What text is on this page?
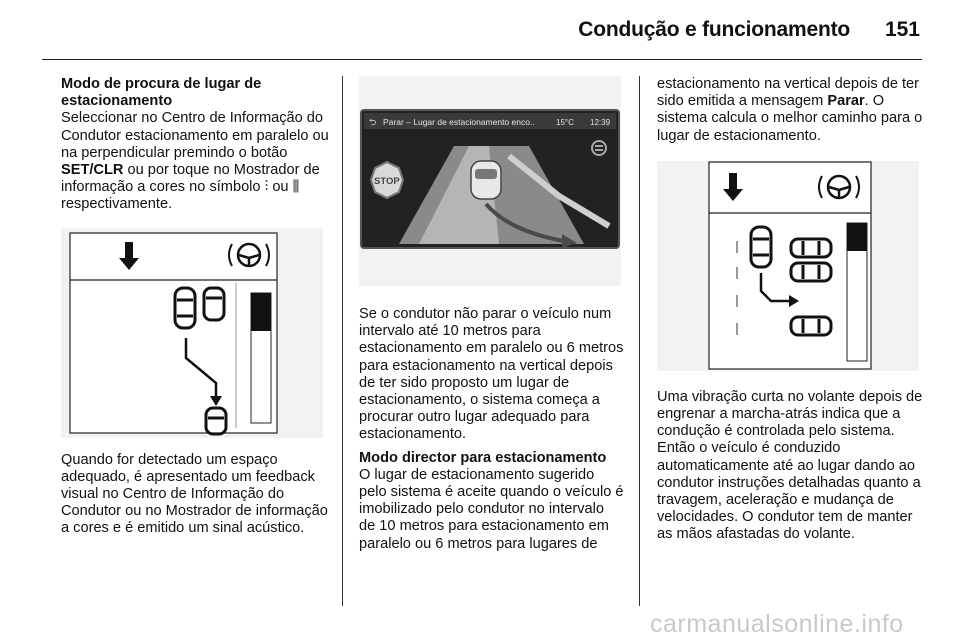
Condução e funcionamento 151

Modo de procura de lugar de estacionamento

Seleccionar no Centro de Informação do Condutor estacionamento em paralelo ou na perpendicular premindo o botão SET/CLR ou por toque no Mostrador de informação a cores no símbolo ⫶ ou ⫼ respectivamente.

Quando for detectado um espaço adequado, é apresentado um feedback visual no Centro de Informação do Condutor ou no Mostrador de informação a cores e é emitido um sinal acústico.

⮌ Parar – Lugar de estacionamento enco..	15°C 12:39
STOP

Se o condutor não parar o veículo num intervalo até 10 metros para estacionamento em paralelo ou 6 metros para estacionamento na vertical depois de ter sido proposto um lugar de estacionamento, o sistema começa a procurar outro lugar adequado para estacionamento.

Modo director para estacionamento

O lugar de estacionamento sugerido pelo sistema é aceite quando o veículo é imobilizado pelo condutor no intervalo de 10 metros para estacionamento em paralelo ou 6 metros para lugares de

estacionamento na vertical depois de ter sido emitida a mensagem Parar. O sistema calcula o melhor caminho para o lugar de estacionamento.

Uma vibração curta no volante depois de engrenar a marcha-atrás indica que a condução é controlada pelo sistema. Então o veículo é conduzido automaticamente até ao lugar dando ao condutor instruções detalhadas quanto a travagem, aceleração e mudança de velocidades. O condutor tem de manter as mãos afastadas do volante.

carmanualsonline.info
